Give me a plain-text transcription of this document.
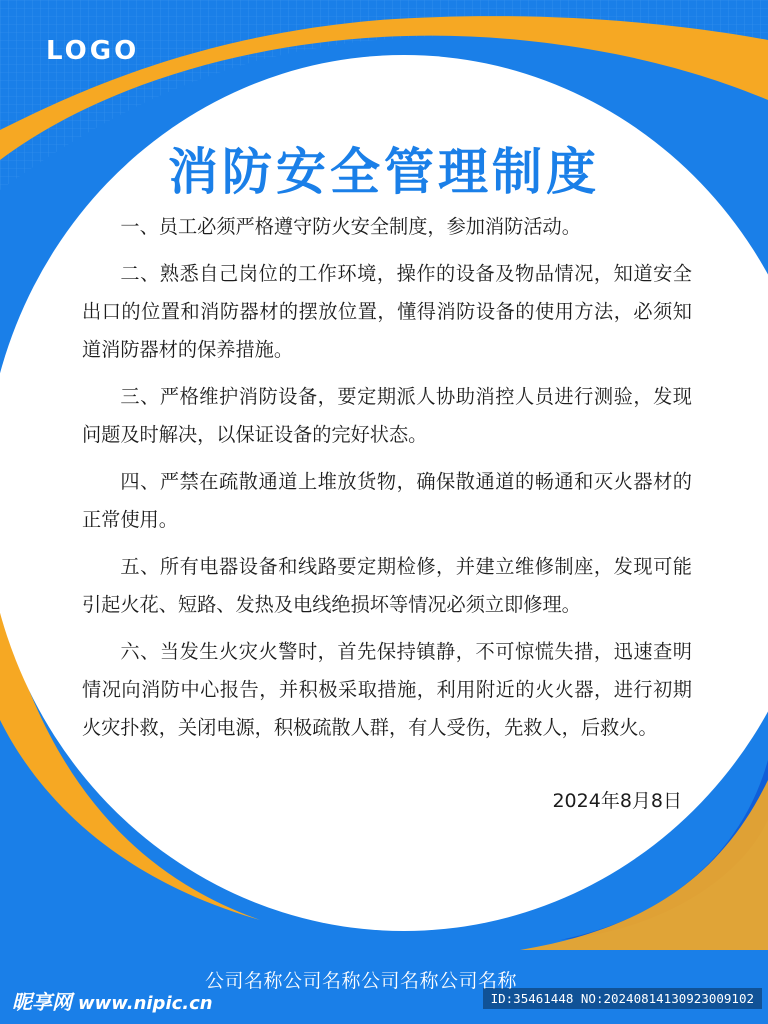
LOGO
消防安全管理制度

一、员工必须严格遵守防火安全制度，参加消防活动。

二、熟悉自己岗位的工作环境，操作的设备及物品情况，知道安全出口的位置和消防器材的摆放位置，懂得消防设备的使用方法，必须知道消防器材的保养措施。

三、严格维护消防设备，要定期派人协助消控人员进行测验，发现问题及时解决，以保证设备的完好状态。

四、严禁在疏散通道上堆放货物，确保散通道的畅通和灭火器材的正常使用。

五、所有电器设备和线路要定期检修，并建立维修制座，发现可能引起火花、短路、发热及电线绝损坏等情况必须立即修理。

六、当发生火灾火警时，首先保持镇静，不可惊慌失措，迅速查明情况向消防中心报告，并积极采取措施，利用附近的火火器，进行初期火灾扑救，关闭电源，积极疏散人群，有人受伤，先救人，后救火。

2024年8月8日
公司名称公司名称公司名称公司名称
昵享网 www.nipic.cn	ID:35461448 NO:20240814130923009102
